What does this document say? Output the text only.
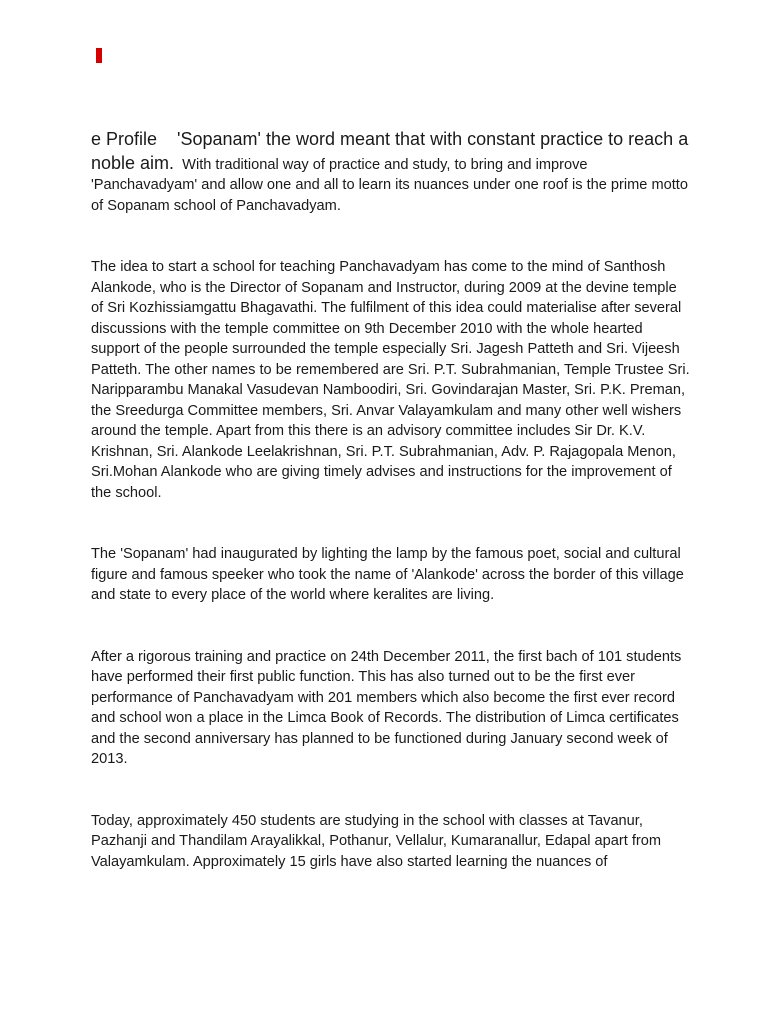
e Profile 'Sopanam' the word meant that with constant practice to reach a noble aim. With traditional way of practice and study, to bring and improve 'Panchavadyam' and allow one and all to learn its nuances under one roof is the prime motto of Sopanam school of Panchavadyam.

The idea to start a school for teaching Panchavadyam has come to the mind of Santhosh Alankode, who is the Director of Sopanam and Instructor, during 2009 at the devine temple of Sri Kozhissiamgattu Bhagavathi. The fulfilment of this idea could materialise after several discussions with the temple committee on 9th December 2010 with the whole hearted support of the people surrounded the temple especially Sri. Jagesh Patteth and Sri. Vijeesh Patteth. The other names to be remembered are Sri. P.T. Subrahmanian, Temple Trustee Sri. Naripparambu Manakal Vasudevan Namboodiri, Sri. Govindarajan Master, Sri. P.K. Preman, the Sreedurga Committee members, Sri. Anvar Valayamkulam and many other well wishers around the temple. Apart from this there is an advisory committee includes Sir Dr. K.V. Krishnan, Sri. Alankode Leelakrishnan, Sri. P.T. Subrahmanian, Adv. P. Rajagopala Menon, Sri.Mohan Alankode who are giving timely advises and instructions for the improvement of the school.

The 'Sopanam' had inaugurated by lighting the lamp by the famous poet, social and cultural figure and famous speeker who took the name of 'Alankode' across the border of this village and state to every place of the world where keralites are living.

After a rigorous training and practice on 24th December 2011, the first bach of 101 students have performed their first public function. This has also turned out to be the first ever performance of Panchavadyam with 201 members which also become the first ever record and school won a place in the Limca Book of Records. The distribution of Limca certificates and the second anniversary has planned to be functioned during January second week of 2013.

Today, approximately 450 students are studying in the school with classes at Tavanur, Pazhanji and Thandilam Arayalikkal, Pothanur, Vellalur, Kumaranallur, Edapal apart from Valayamkulam. Approximately 15 girls have also started learning the nuances of
